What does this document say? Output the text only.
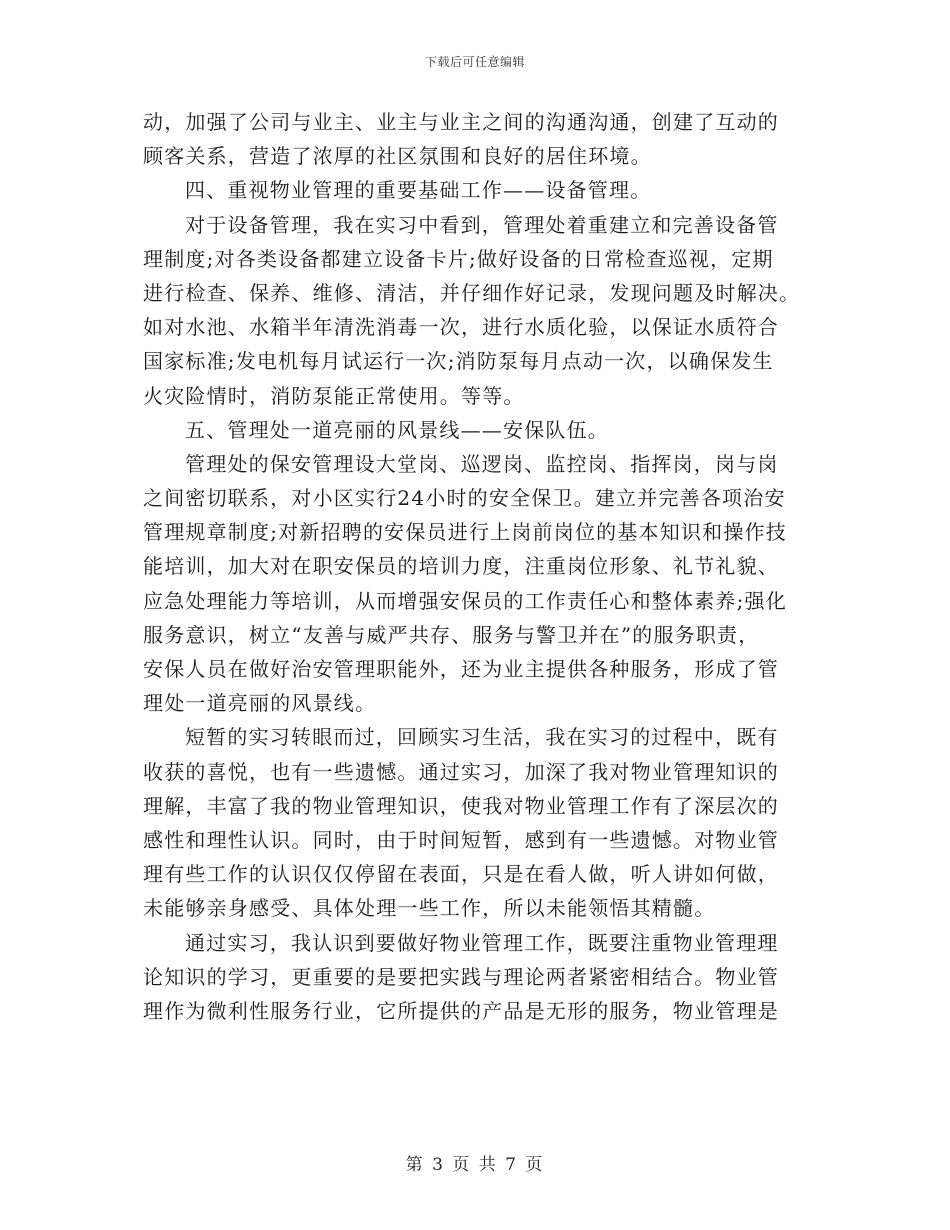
下载后可任意编辑
动，加强了公司与业主、业主与业主之间的沟通沟通，创建了互动的
顾客关系，营造了浓厚的社区氛围和良好的居住环境。
四、重视物业管理的重要基础工作——设备管理。
对于设备管理，我在实习中看到，管理处着重建立和完善设备管
理制度;对各类设备都建立设备卡片;做好设备的日常检查巡视，定期
进行检查、保养、维修、清洁，并仔细作好记录，发现问题及时解决。
如对水池、水箱半年清洗消毒一次，进行水质化验，以保证水质符合
国家标准;发电机每月试运行一次;消防泵每月点动一次，以确保发生
火灾险情时，消防泵能正常使用。等等。
五、管理处一道亮丽的风景线——安保队伍。
管理处的保安管理设大堂岗、巡逻岗、监控岗、指挥岗，岗与岗
之间密切联系，对小区实行24小时的安全保卫。建立并完善各项治安
管理规章制度;对新招聘的安保员进行上岗前岗位的基本知识和操作技
能培训，加大对在职安保员的培训力度，注重岗位形象、礼节礼貌、
应急处理能力等培训，从而增强安保员的工作责任心和整体素养;强化
服务意识，树立“友善与威严共存、服务与警卫并在”的服务职责，
安保人员在做好治安管理职能外，还为业主提供各种服务，形成了管
理处一道亮丽的风景线。
短暂的实习转眼而过，回顾实习生活，我在实习的过程中，既有
收获的喜悦，也有一些遗憾。通过实习，加深了我对物业管理知识的
理解，丰富了我的物业管理知识，使我对物业管理工作有了深层次的
感性和理性认识。同时，由于时间短暂，感到有一些遗憾。对物业管
理有些工作的认识仅仅停留在表面，只是在看人做，听人讲如何做，
未能够亲身感受、具体处理一些工作，所以未能领悟其精髓。
通过实习，我认识到要做好物业管理工作，既要注重物业管理理
论知识的学习，更重要的是要把实践与理论两者紧密相结合。物业管
理作为微利性服务行业，它所提供的产品是无形的服务，物业管理是
第 3 页 共 7 页
